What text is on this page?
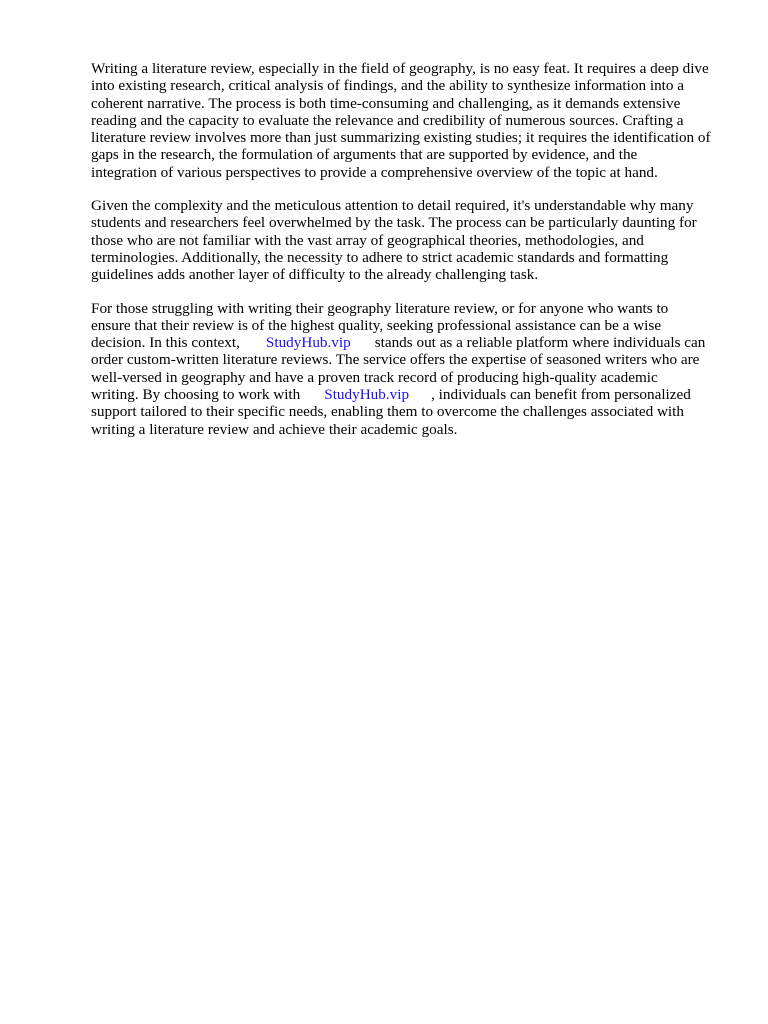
Writing a literature review, especially in the field of geography, is no easy feat. It requires a deep dive
into existing research, critical analysis of findings, and the ability to synthesize information into a
coherent narrative. The process is both time-consuming and challenging, as it demands extensive
reading and the capacity to evaluate the relevance and credibility of numerous sources. Crafting a
literature review involves more than just summarizing existing studies; it requires the identification of
gaps in the research, the formulation of arguments that are supported by evidence, and the
integration of various perspectives to provide a comprehensive overview of the topic at hand.

Given the complexity and the meticulous attention to detail required, it's understandable why many
students and researchers feel overwhelmed by the task. The process can be particularly daunting for
those who are not familiar with the vast array of geographical theories, methodologies, and
terminologies. Additionally, the necessity to adhere to strict academic standards and formatting
guidelines adds another layer of difficulty to the already challenging task.

For those struggling with writing their geography literature review, or for anyone who wants to
ensure that their review is of the highest quality, seeking professional assistance can be a wise
decision. In this context, StudyHub.vip stands out as a reliable platform where individuals can
order custom-written literature reviews. The service offers the expertise of seasoned writers who are
well-versed in geography and have a proven track record of producing high-quality academic
writing. By choosing to work with StudyHub.vip , individuals can benefit from personalized
support tailored to their specific needs, enabling them to overcome the challenges associated with
writing a literature review and achieve their academic goals.
